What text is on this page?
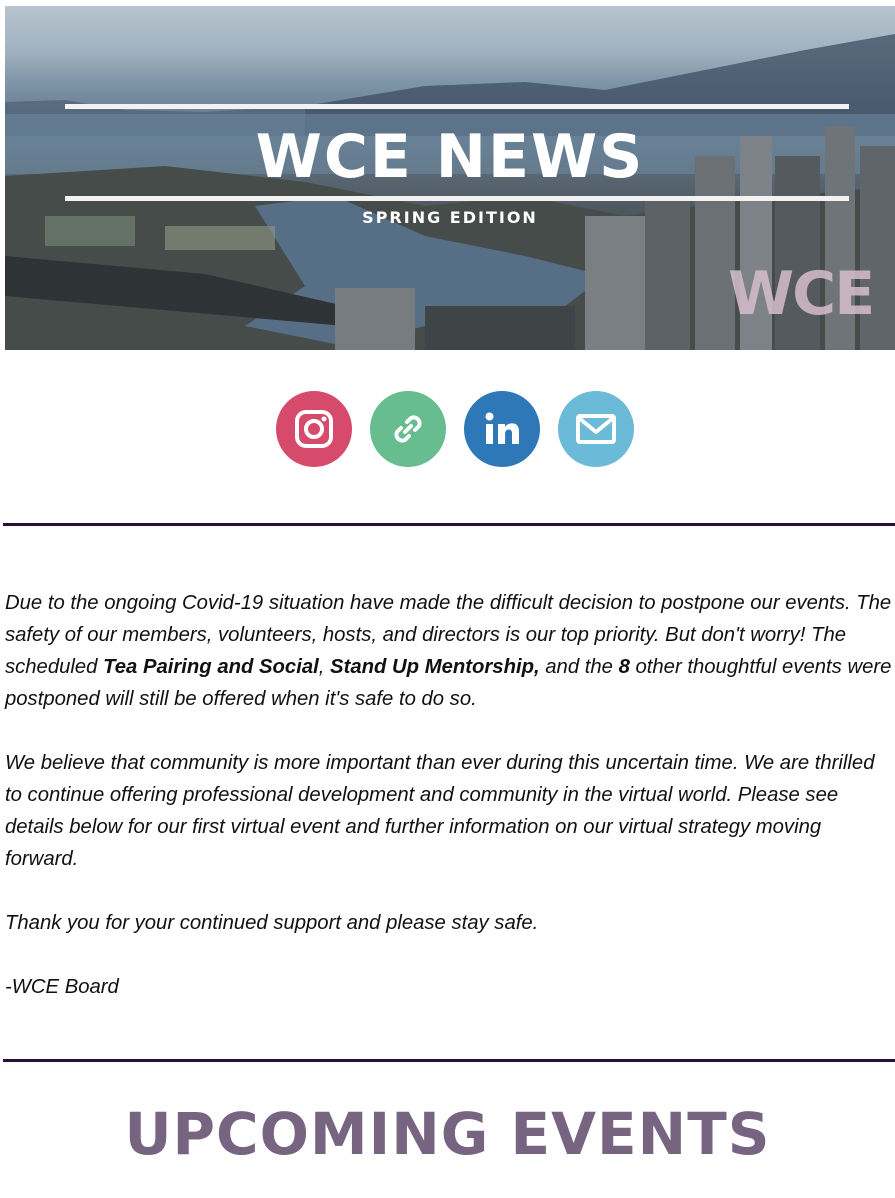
WCE NEWS
SPRING EDITION
WCE

Due to the ongoing Covid-19 situation have made the difficult decision to postpone our events. The safety of our members, volunteers, hosts, and directors is our top priority. But don't worry! The scheduled Tea Pairing and Social, Stand Up Mentorship, and the 8 other thoughtful events were postponed will still be offered when it's safe to do so.

We believe that community is more important than ever during this uncertain time. We are thrilled to continue offering professional development and community in the virtual world. Please see details below for our first virtual event and further information on our virtual strategy moving forward.

Thank you for your continued support and please stay safe.

-WCE Board

UPCOMING EVENTS
